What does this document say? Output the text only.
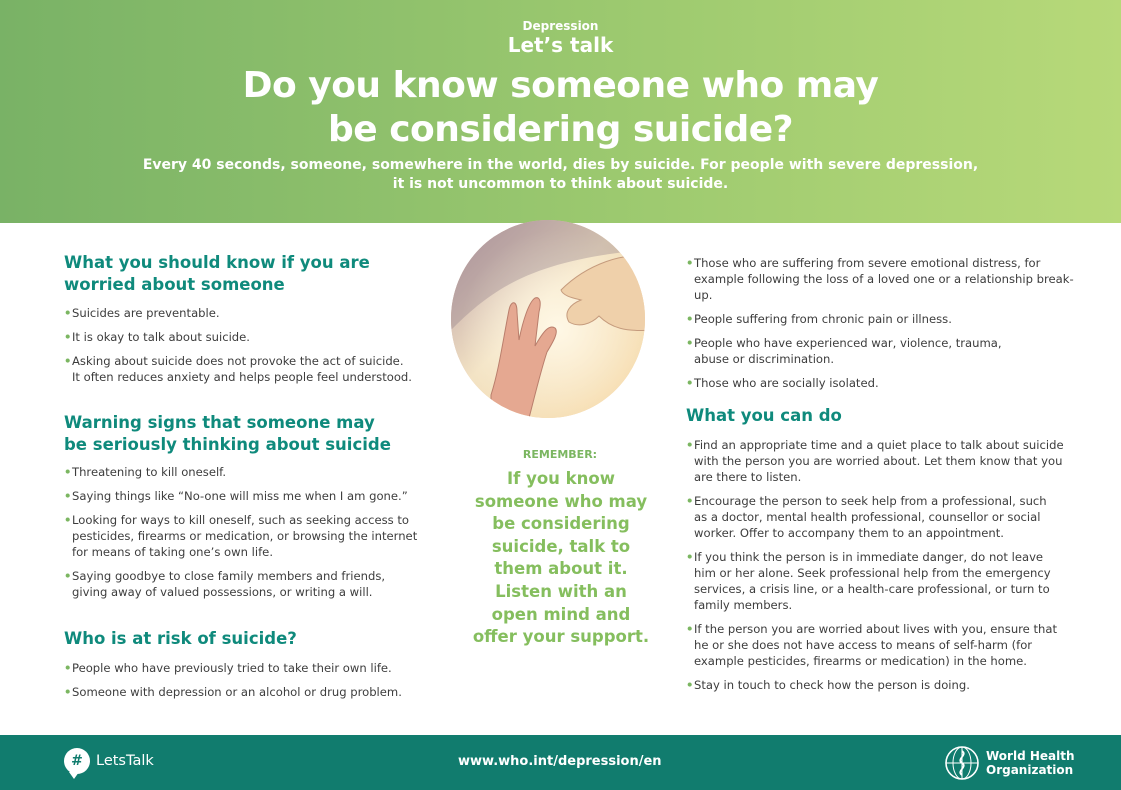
Depression
Let’s talk
Do you know someone who may
be considering suicide?
Every 40 seconds, someone, somewhere in the world, dies by suicide. For people with severe depression,
it is not uncommon to think about suicide.
What you should know if you are
worried about someone
• Suicides are preventable.
• It is okay to talk about suicide.
• Asking about suicide does not provoke the act of suicide.
It often reduces anxiety and helps people feel understood.
Warning signs that someone may
be seriously thinking about suicide
• Threatening to kill oneself.
• Saying things like “No-one will miss me when I am gone.”
• Looking for ways to kill oneself, such as seeking access to
pesticides, firearms or medication, or browsing the internet
for means of taking one’s own life.
• Saying goodbye to close family members and friends,
giving away of valued possessions, or writing a will.
Who is at risk of suicide?
• People who have previously tried to take their own life.
• Someone with depression or an alcohol or drug problem.
REMEMBER:
If you know
someone who may
be considering
suicide, talk to
them about it.
Listen with an
open mind and
offer your support.
• Those who are suffering from severe emotional distress, for
example following the loss of a loved one or a relationship break-up.
• People suffering from chronic pain or illness.
• People who have experienced war, violence, trauma,
abuse or discrimination.
• Those who are socially isolated.
What you can do
• Find an appropriate time and a quiet place to talk about suicide
with the person you are worried about. Let them know that you
are there to listen.
• Encourage the person to seek help from a professional, such
as a doctor, mental health professional, counsellor or social
worker. Offer to accompany them to an appointment.
• If you think the person is in immediate danger, do not leave
him or her alone. Seek professional help from the emergency
services, a crisis line, or a health-care professional, or turn to
family members.
• If the person you are worried about lives with you, ensure that
he or she does not have access to means of self-harm (for
example pesticides, firearms or medication) in the home.
• Stay in touch to check how the person is doing.
# LetsTalk	www.who.int/depression/en	World Health
Organization
